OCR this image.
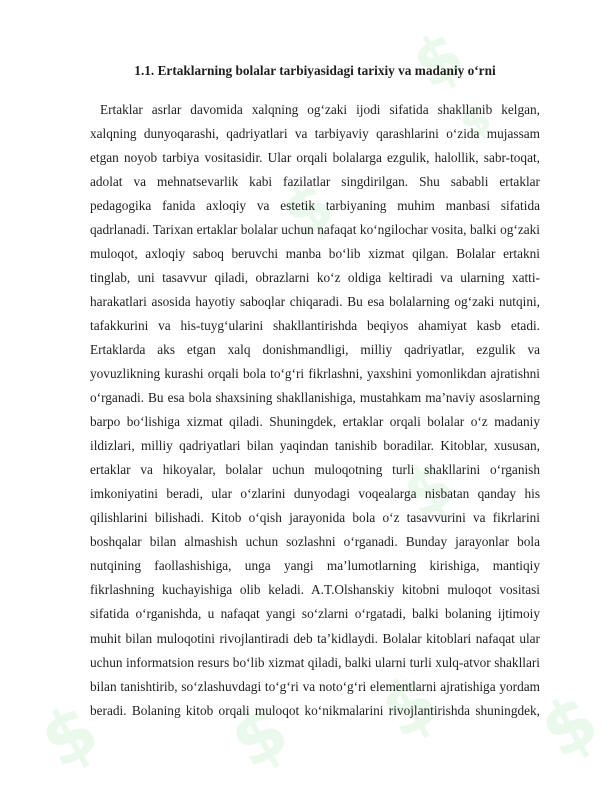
$
$
$
$
$ $ $ $
1.1. Ertaklarning bolalar tarbiyasidagi tarixiy va madaniy o‘rni
Ertaklar asrlar davomida xalqning og‘zaki ijodi sifatida shakllanib kelgan,
xalqning dunyoqarashi, qadriyatlari va tarbiyaviy qarashlarini o‘zida mujassam
etgan noyob tarbiya vositasidir. Ular orqali bolalarga ezgulik, halollik, sabr-toqat,
adolat va mehnatsevarlik kabi fazilatlar singdirilgan. Shu sababli ertaklar
pedagogika fanida axloqiy va estetik tarbiyaning muhim manbasi sifatida
qadrlanadi. Tarixan ertaklar bolalar uchun nafaqat ko‘ngilochar vosita, balki og‘zaki
muloqot, axloqiy saboq beruvchi manba bo‘lib xizmat qilgan. Bolalar ertakni
tinglab, uni tasavvur qiladi, obrazlarni ko‘z oldiga keltiradi va ularning xatti-
harakatlari asosida hayotiy saboqlar chiqaradi. Bu esa bolalarning og‘zaki nutqini,
tafakkurini va his-tuyg‘ularini shakllantirishda beqiyos ahamiyat kasb etadi.
Ertaklarda aks etgan xalq donishmandligi, milliy qadriyatlar, ezgulik va
yovuzlikning kurashi orqali bola to‘g‘ri fikrlashni, yaxshini yomonlikdan ajratishni
o‘rganadi. Bu esa bola shaxsining shakllanishiga, mustahkam ma’naviy asoslarning
barpo bo‘lishiga xizmat qiladi. Shuningdek, ertaklar orqali bolalar o‘z madaniy
ildizlari, milliy qadriyatlari bilan yaqindan tanishib boradilar. Kitoblar, xususan,
ertaklar va hikoyalar, bolalar uchun muloqotning turli shakllarini o‘rganish
imkoniyatini beradi, ular o‘zlarini dunyodagi voqealarga nisbatan qanday his
qilishlarini bilishadi. Kitob o‘qish jarayonida bola o‘z tasavvurini va fikrlarini
boshqalar bilan almashish uchun sozlashni o‘rganadi. Bunday jarayonlar bola
nutqining faollashishiga, unga yangi ma’lumotlarning kirishiga, mantiqiy
fikrlashning kuchayishiga olib keladi. A.T.Olshanskiy kitobni muloqot vositasi
sifatida o‘rganishda, u nafaqat yangi so‘zlarni o‘rgatadi, balki bolaning ijtimoiy
muhit bilan muloqotini rivojlantiradi deb ta’kidlaydi. Bolalar kitoblari nafaqat ular
uchun informatsion resurs bo‘lib xizmat qiladi, balki ularni turli xulq-atvor shakllari
bilan tanishtirib, so‘zlashuvdagi to‘g‘ri va noto‘g‘ri elementlarni ajratishiga yordam
beradi. Bolaning kitob orqali muloqot ko‘nikmalarini rivojlantirishda shuningdek,
